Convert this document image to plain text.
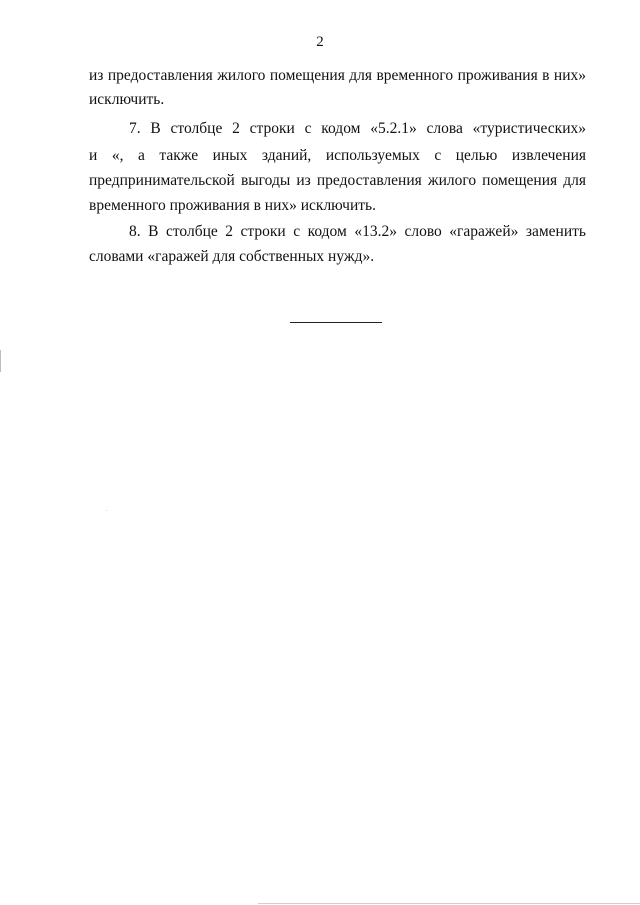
2
из предоставления жилого помещения для временного проживания в них»
исключить.
7. В столбце 2 строки с кодом «5.2.1» слова «туристических»
и «, а также иных зданий, используемых с целью извлечения
предпринимательской выгоды из предоставления жилого помещения для
временного проживания в них» исключить.
8. В столбце 2 строки с кодом «13.2» слово «гаражей» заменить
словами «гаражей для собственных нужд».
